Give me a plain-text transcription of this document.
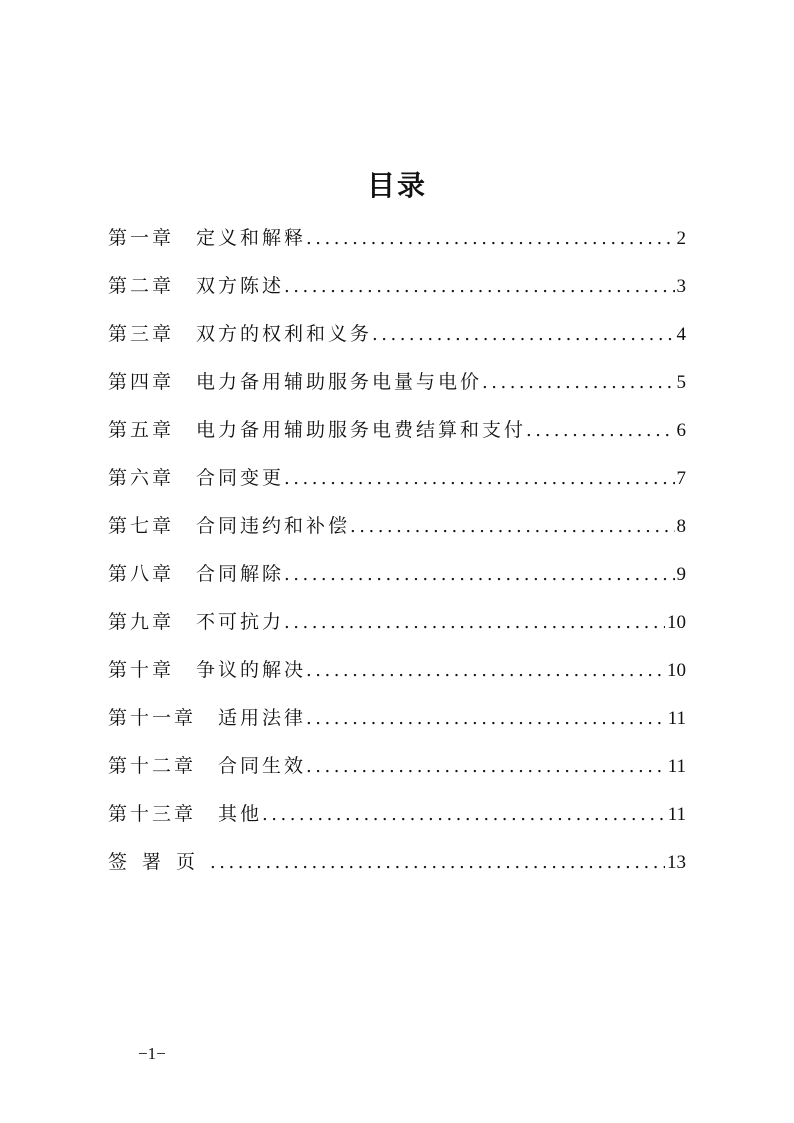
目录
第一章 定义和解释 .....	2
第二章 双方陈述 .....	3
第三章 双方的权利和义务 .....	4
第四章 电力备用辅助服务电量与电价 .....	5
第五章 电力备用辅助服务电费结算和支付 .....	6
第六章 合同变更 .....	7
第七章 合同违约和补偿 .....	8
第八章 合同解除 .....	9
第九章 不可抗力 .....	10
第十章 争议的解决 .....	10
第十一章 适用法律 .....	11
第十二章 合同生效 .....	11
第十三章 其他 .....	11
签 署 页 .....	13
−1−
